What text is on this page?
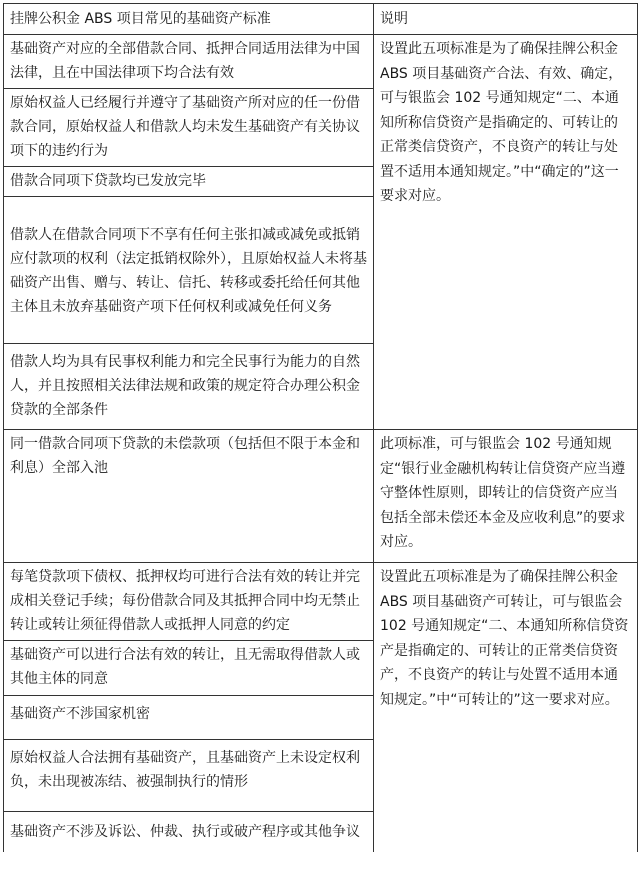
挂牌公积金 ABS 项目常见的基础资产标准	说明
基础资产对应的全部借款合同、抵押合同适用法律为中国法律，且在中国法律项下均合法有效	设置此五项标准是为了确保挂牌公积金 ABS 项目基础资产合法、有效、确定，可与银监会 102 号通知规定“二、本通知所称信贷资产是指确定的、可转让的正常类信贷资产，不良资产的转让与处置不适用本通知规定。”中“确定的”这一要求对应。
原始权益人已经履行并遵守了基础资产所对应的任一份借款合同，原始权益人和借款人均未发生基础资产有关协议项下的违约行为	
借款合同项下贷款均已发放完毕	
借款人在借款合同项下不享有任何主张扣减或减免或抵销应付款项的权利（法定抵销权除外），且原始权益人未将基础资产出售、赠与、转让、信托、转移或委托给任何其他主体且未放弃基础资产项下任何权利或减免任何义务	
借款人均为具有民事权利能力和完全民事行为能力的自然人，并且按照相关法律法规和政策的规定符合办理公积金贷款的全部条件	
同一借款合同项下贷款的未偿款项（包括但不限于本金和利息）全部入池	此项标准，可与银监会 102 号通知规定“银行业金融机构转让信贷资产应当遵守整体性原则，即转让的信贷资产应当包括全部未偿还本金及应收利息”的要求对应。
每笔贷款项下债权、抵押权均可进行合法有效的转让并完成相关登记手续；每份借款合同及其抵押合同中均无禁止转让或转让须征得借款人或抵押人同意的约定	设置此五项标准是为了确保挂牌公积金 ABS 项目基础资产可转让，可与银监会 102 号通知规定“二、本通知所称信贷资产是指确定的、可转让的正常类信贷资产，不良资产的转让与处置不适用本通知规定。”中“可转让的”这一要求对应。
基础资产可以进行合法有效的转让，且无需取得借款人或其他主体的同意	
基础资产不涉国家机密	
原始权益人合法拥有基础资产，且基础资产上未设定权利负，未出现被冻结、被强制执行的情形	
基础资产不涉及诉讼、仲裁、执行或破产程序或其他争议	
